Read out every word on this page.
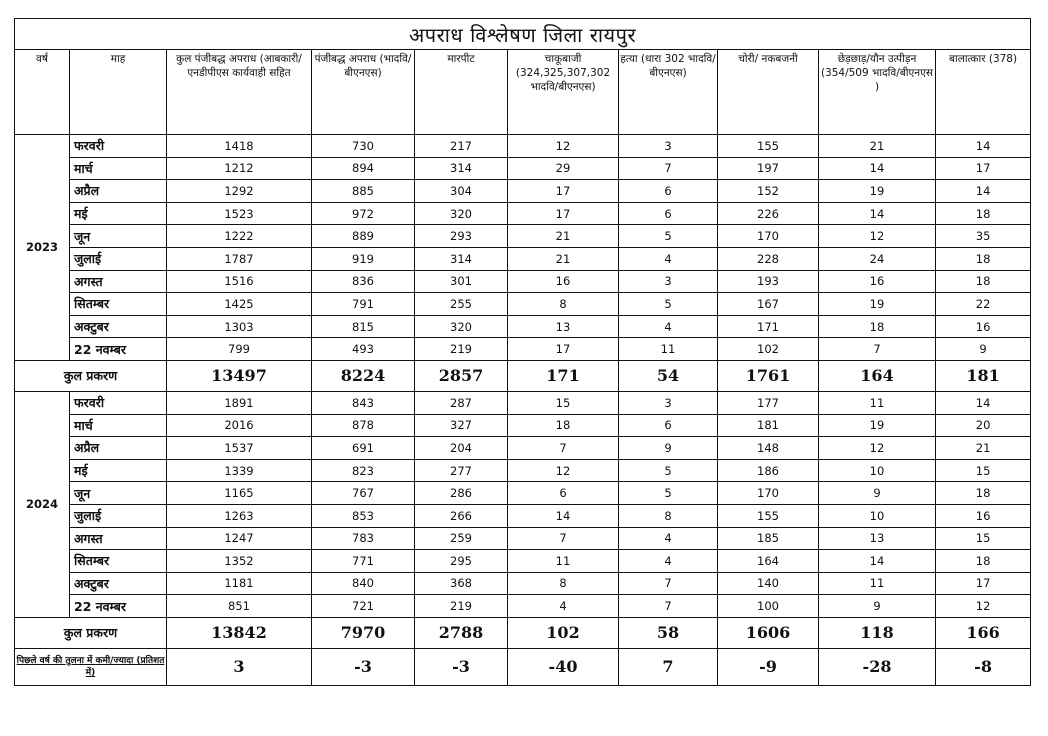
अपराध विश्लेषण जिला रायपुर									
वर्ष	माह	कुल पंजीबद्ध अपराध (आबकारी/ एनडीपीएस कार्यवाही सहित	पंजीबद्ध अपराध (भादवि/ बीएनएस)	मारपीट	चाकूबाजी (324,325,307,302 भादवि/बीएनएस)	हत्या (धारा 302 भादवि/बीएनएस)	चोरी/ नकबजनी	छेड़छाड़/यौन उत्पीड़न (354/509 भादवि/बीएनएस )	बालात्कार (378)
2023	फरवरी	1418	730	217	12	3	155	21	14
	मार्च	1212	894	314	29	7	197	14	17
	अप्रैल	1292	885	304	17	6	152	19	14
	मई	1523	972	320	17	6	226	14	18
	जून	1222	889	293	21	5	170	12	35
	जुलाई	1787	919	314	21	4	228	24	18
	अगस्त	1516	836	301	16	3	193	16	18
	सितम्बर	1425	791	255	8	5	167	19	22
	अक्टुबर	1303	815	320	13	4	171	18	16
	22 नवम्बर	799	493	219	17	11	102	7	9
कुल प्रकरण		13497	8224	2857	171	54	1761	164	181
2024	फरवरी	1891	843	287	15	3	177	11	14
	मार्च	2016	878	327	18	6	181	19	20
	अप्रैल	1537	691	204	7	9	148	12	21
	मई	1339	823	277	12	5	186	10	15
	जून	1165	767	286	6	5	170	9	18
	जुलाई	1263	853	266	14	8	155	10	16
	अगस्त	1247	783	259	7	4	185	13	15
	सितम्बर	1352	771	295	11	4	164	14	18
	अक्टुबर	1181	840	368	8	7	140	11	17
	22 नवम्बर	851	721	219	4	7	100	9	12
कुल प्रकरण		13842	7970	2788	102	58	1606	118	166
पिछले वर्ष की तुलना में कमी/ज्यादा (प्रतिशत में)		3	-3	-3	-40	7	-9	-28	-8
